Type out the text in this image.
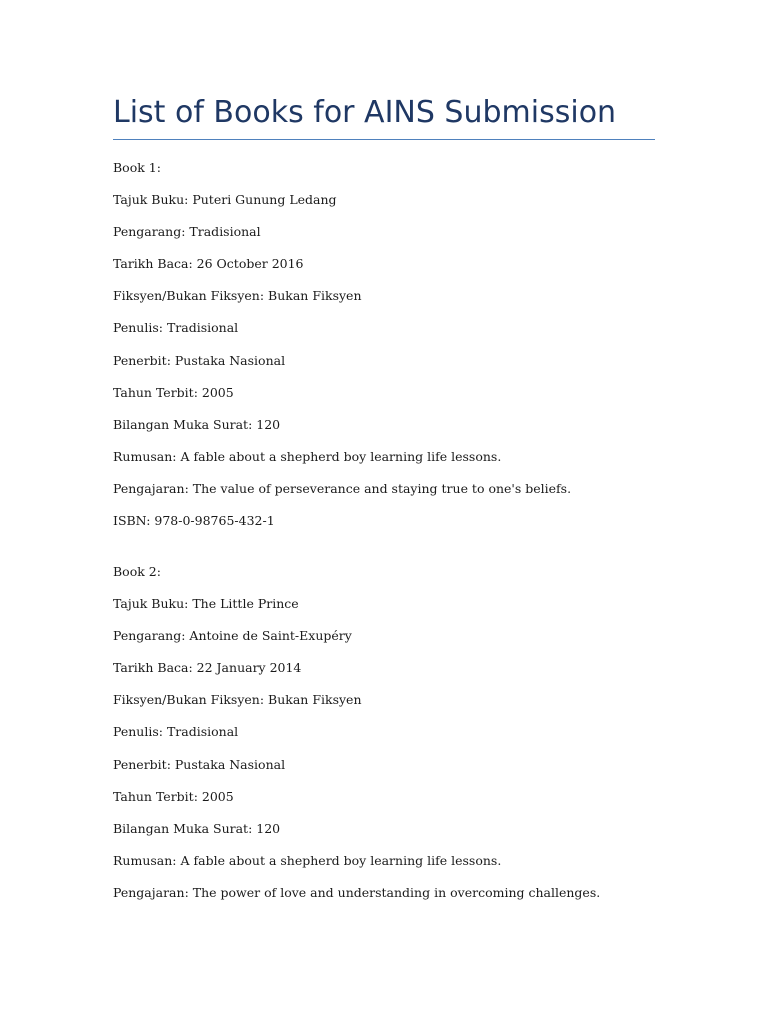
List of Books for AINS Submission

Book 1:

Tajuk Buku : Puteri Gunung Ledang

Pengarang : Tradisional

Tarikh Baca : 26 October 2016

Fiksyen/Bukan Fiksyen : Bukan Fiksyen

Penulis : Tradisional

Penerbit : Pustaka Nasional

Tahun Terbit : 2005

Bilangan Muka Surat : 120

Rumusan : A fable about a shepherd boy learning life lessons.

Pengajaran : The value of perseverance and staying true to one's beliefs.

ISBN : 978-0-98765-432-1

Book 2:

Tajuk Buku : The Little Prince

Pengarang : Antoine de Saint-Exupéry

Tarikh Baca : 22 January 2014

Fiksyen/Bukan Fiksyen : Bukan Fiksyen

Penulis : Tradisional

Penerbit : Pustaka Nasional

Tahun Terbit : 2005

Bilangan Muka Surat : 120

Rumusan : A fable about a shepherd boy learning life lessons.

Pengajaran : The power of love and understanding in overcoming challenges.
